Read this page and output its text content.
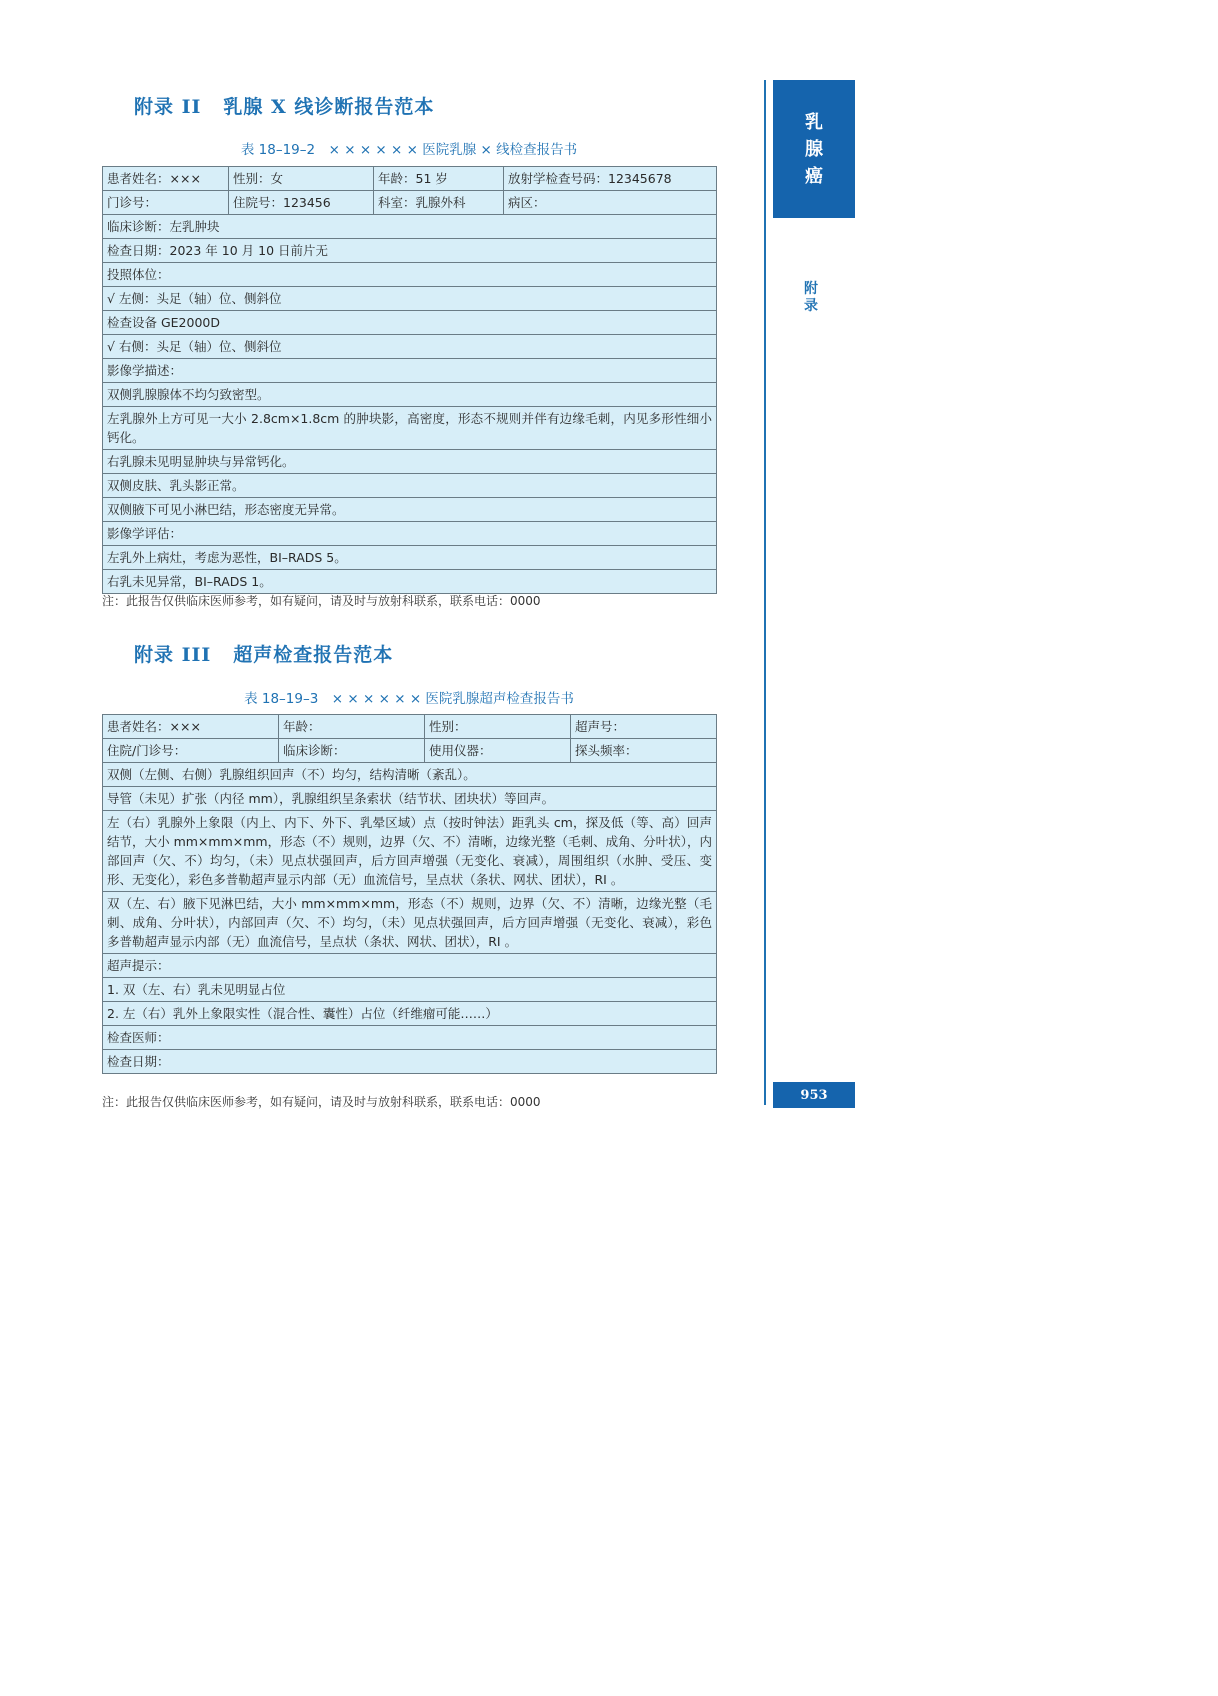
附录 II 乳腺 X 线诊断报告范本
表 18–19–2　× × × × × × 医院乳腺 × 线检查报告书
患者姓名：×××	性别：女	年龄：51 岁	放射学检查号码：12345678
门诊号：	住院号：123456	科室：乳腺外科	病区：
临床诊断：左乳肿块			
检查日期：2023 年 10 月 10 日前片无			
投照体位：			
√ 左侧：头足（轴）位、侧斜位			
检查设备 GE2000D			
√ 右侧：头足（轴）位、侧斜位			
影像学描述：			
双侧乳腺腺体不均匀致密型。			
左乳腺外上方可见一大小 2.8cm×1.8cm 的肿块影，高密度，形态不规则并伴有边缘毛刺，内见多形性细小钙化。			
右乳腺未见明显肿块与异常钙化。			
双侧皮肤、乳头影正常。			
双侧腋下可见小淋巴结，形态密度无异常。			
影像学评估：			
左乳外上病灶，考虑为恶性，BI–RADS 5。			
右乳未见异常，BI–RADS 1。			
注：此报告仅供临床医师参考，如有疑问，请及时与放射科联系，联系电话：0000
附录 III 超声检查报告范本
表 18–19–3　× × × × × × 医院乳腺超声检查报告书
患者姓名：×××	年龄：	性别：	超声号：
住院/门诊号：	临床诊断：	使用仪器：	探头频率：
双侧（左侧、右侧）乳腺组织回声（不）均匀，结构清晰（紊乱）。			
导管（未见）扩张（内径 mm），乳腺组织呈条索状（结节状、团块状）等回声。			
左（右）乳腺外上象限（内上、内下、外下、乳晕区域）点（按时钟法）距乳头 cm，探及低（等、高）回声结节，大小 mm×mm×mm，形态（不）规则，边界（欠、不）清晰，边缘光整（毛刺、成角、分叶状），内部回声（欠、不）均匀，（未）见点状强回声，后方回声增强（无变化、衰减），周围组织（水肿、受压、变形、无变化），彩色多普勒超声显示内部（无）血流信号，呈点状（条状、网状、团状），RI 。			
双（左、右）腋下见淋巴结，大小 mm×mm×mm，形态（不）规则，边界（欠、不）清晰，边缘光整（毛刺、成角、分叶状），内部回声（欠、不）均匀，（未）见点状强回声，后方回声增强（无变化、衰减），彩色多普勒超声显示内部（无）血流信号，呈点状（条状、网状、团状），RI 。			
超声提示：			
1. 双（左、右）乳未见明显占位			
2. 左（右）乳外上象限实性（混合性、囊性）占位（纤维瘤可能……）			
检查医师：			
检查日期：			
注：此报告仅供临床医师参考，如有疑问，请及时与放射科联系，联系电话：0000
乳
腺
癌
附
录
953
